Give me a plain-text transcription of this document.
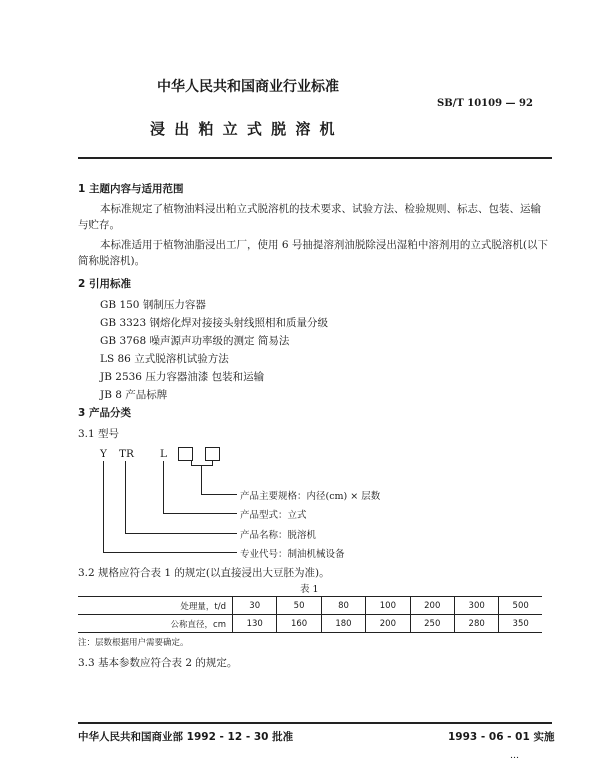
中华人民共和国商业行业标准
SB/T 10109 — 92
浸 出 粕 立 式 脱 溶 机
1 主题内容与适用范围
本标准规定了植物油料浸出粕立式脱溶机的技术要求、试验方法、检验规则、标志、包装、运输与贮存。
本标准适用于植物油脂浸出工厂，使用 6 号抽提溶剂油脱除浸出湿粕中溶剂用的立式脱溶机(以下简称脱溶机)。
2 引用标准
GB 150 钢制压力容器
GB 3323 钢熔化焊对接接头射线照相和质量分级
GB 3768 噪声源声功率级的测定 简易法
LS 86 立式脱溶机试验方法
JB 2536 压力容器油漆 包装和运输
JB 8 产品标牌
3 产品分类
3.1 型号
Y TR L
产品主要规格：内径(cm) × 层数
产品型式：立式
产品名称：脱溶机
专业代号：制油机械设备
3.2 规格应符合表 1 的规定(以直接浸出大豆胚为准)。
表 1
处理量，t/d	30	50	80	100	200	300	500
公称直径，cm	130	160	180	200	250	280	350
注：层数根据用户需要确定。
3.3 基本参数应符合表 2 的规定。
中华人民共和国商业部 1992 - 12 - 30 批准	1993 - 06 - 01 实施
...
